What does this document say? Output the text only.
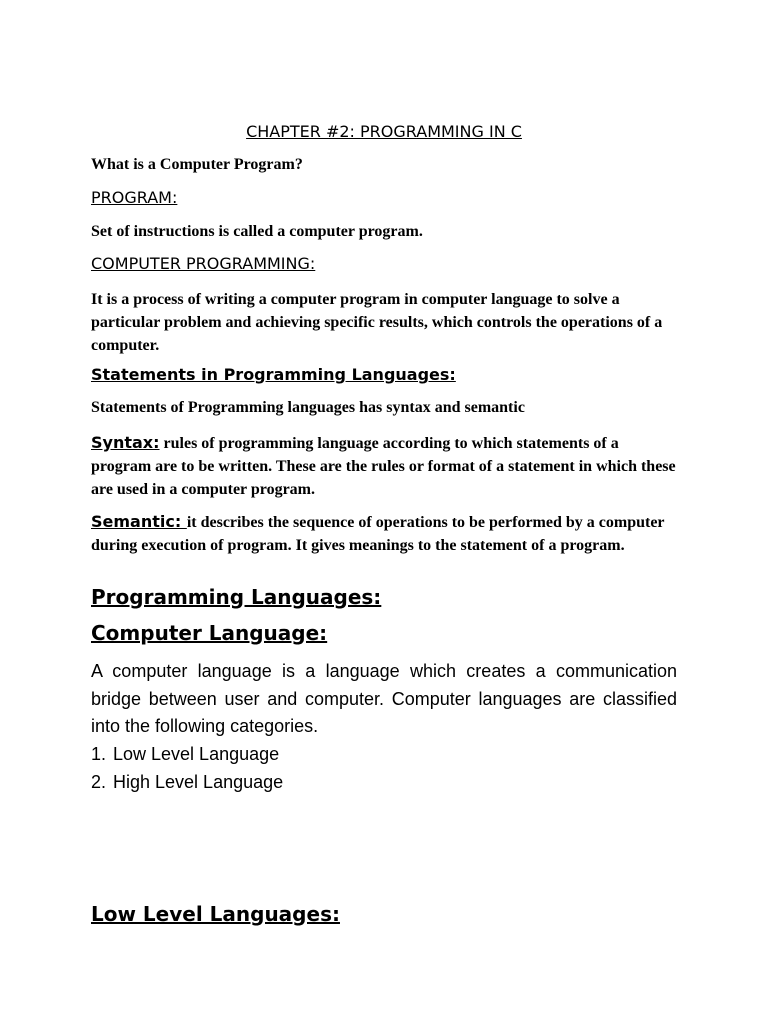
CHAPTER #2: PROGRAMMING IN C
What is a Computer Program?
PROGRAM:
Set of instructions is called a computer program.
COMPUTER PROGRAMMING:
It is a process of writing a computer program in computer language to solve a particular problem and achieving specific results, which controls the operations of a computer.
Statements in Programming Languages:
Statements of Programming languages has syntax and semantic
Syntax: rules of programming language according to which statements of a program are to be written. These are the rules or format of a statement in which these are used in a computer program.
Semantic: it describes the sequence of operations to be performed by a computer during execution of program. It gives meanings to the statement of a program.
Programming Languages:
Computer Language:
A computer language is a language which creates a communication bridge between user and computer. Computer languages are classified into the following categories.
1. Low Level Language
2. High Level Language
Low Level Languages:
